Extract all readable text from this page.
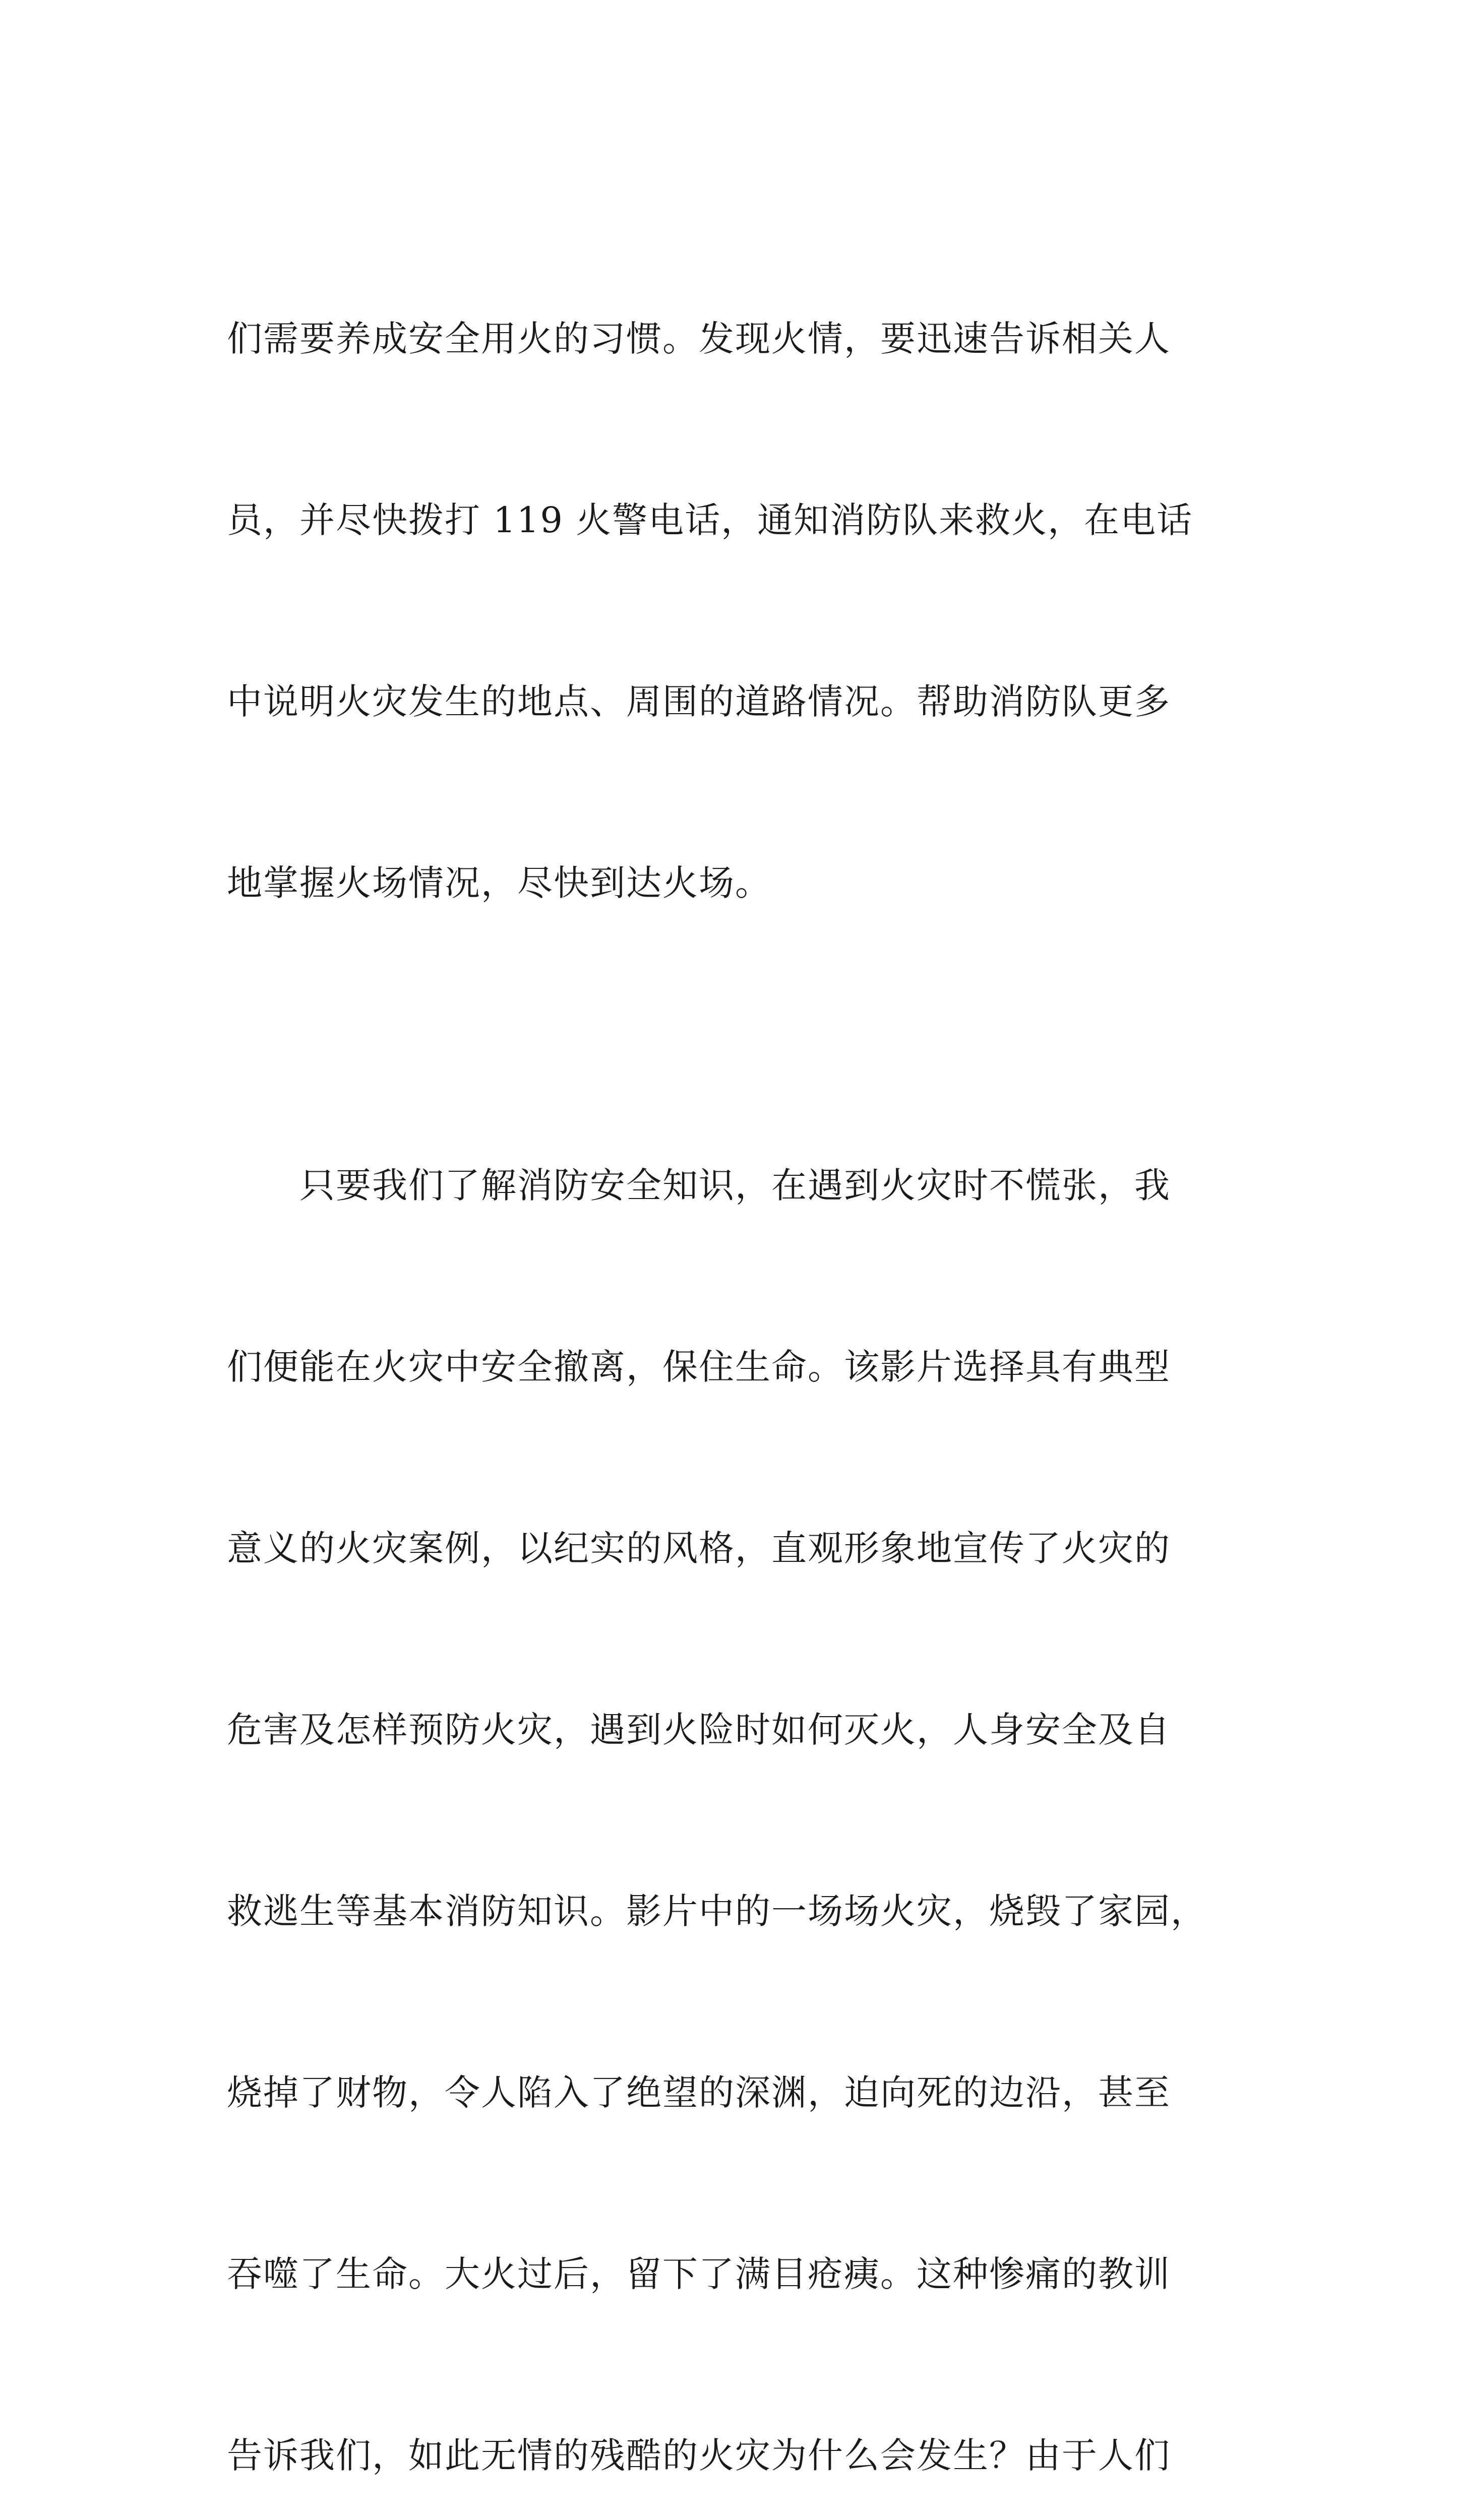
们需要养成安全用火的习惯。发现火情，要迅速告诉相关人

员，并尽快拨打 119 火警电话，通知消防队来救火，在电话

中说明火灾发生的地点、周围的道路情况。帮助消防队更多

地掌握火场情况，尽快到达火场。

　　只要我们了解消防安全知识，在遇到火灾时不慌张，我

们便能在火灾中安全撤离，保住生命。该影片选择具有典型

意义的火灾案例，以纪实的风格，直观形象地宣传了火灾的

危害及怎样预防火灾，遇到火险时如何灭火，人身安全及自

救逃生等基本消防知识。影片中的一场场火灾，烧毁了家园，

烧掉了财物，令人陷入了绝望的深渊，迫向死的边沿，甚至

吞噬了生命。大火过后，留下了满目疮痍。这种惨痛的教训

告诉我们，如此无情的残酷的火灾为什么会发生？由于人们
